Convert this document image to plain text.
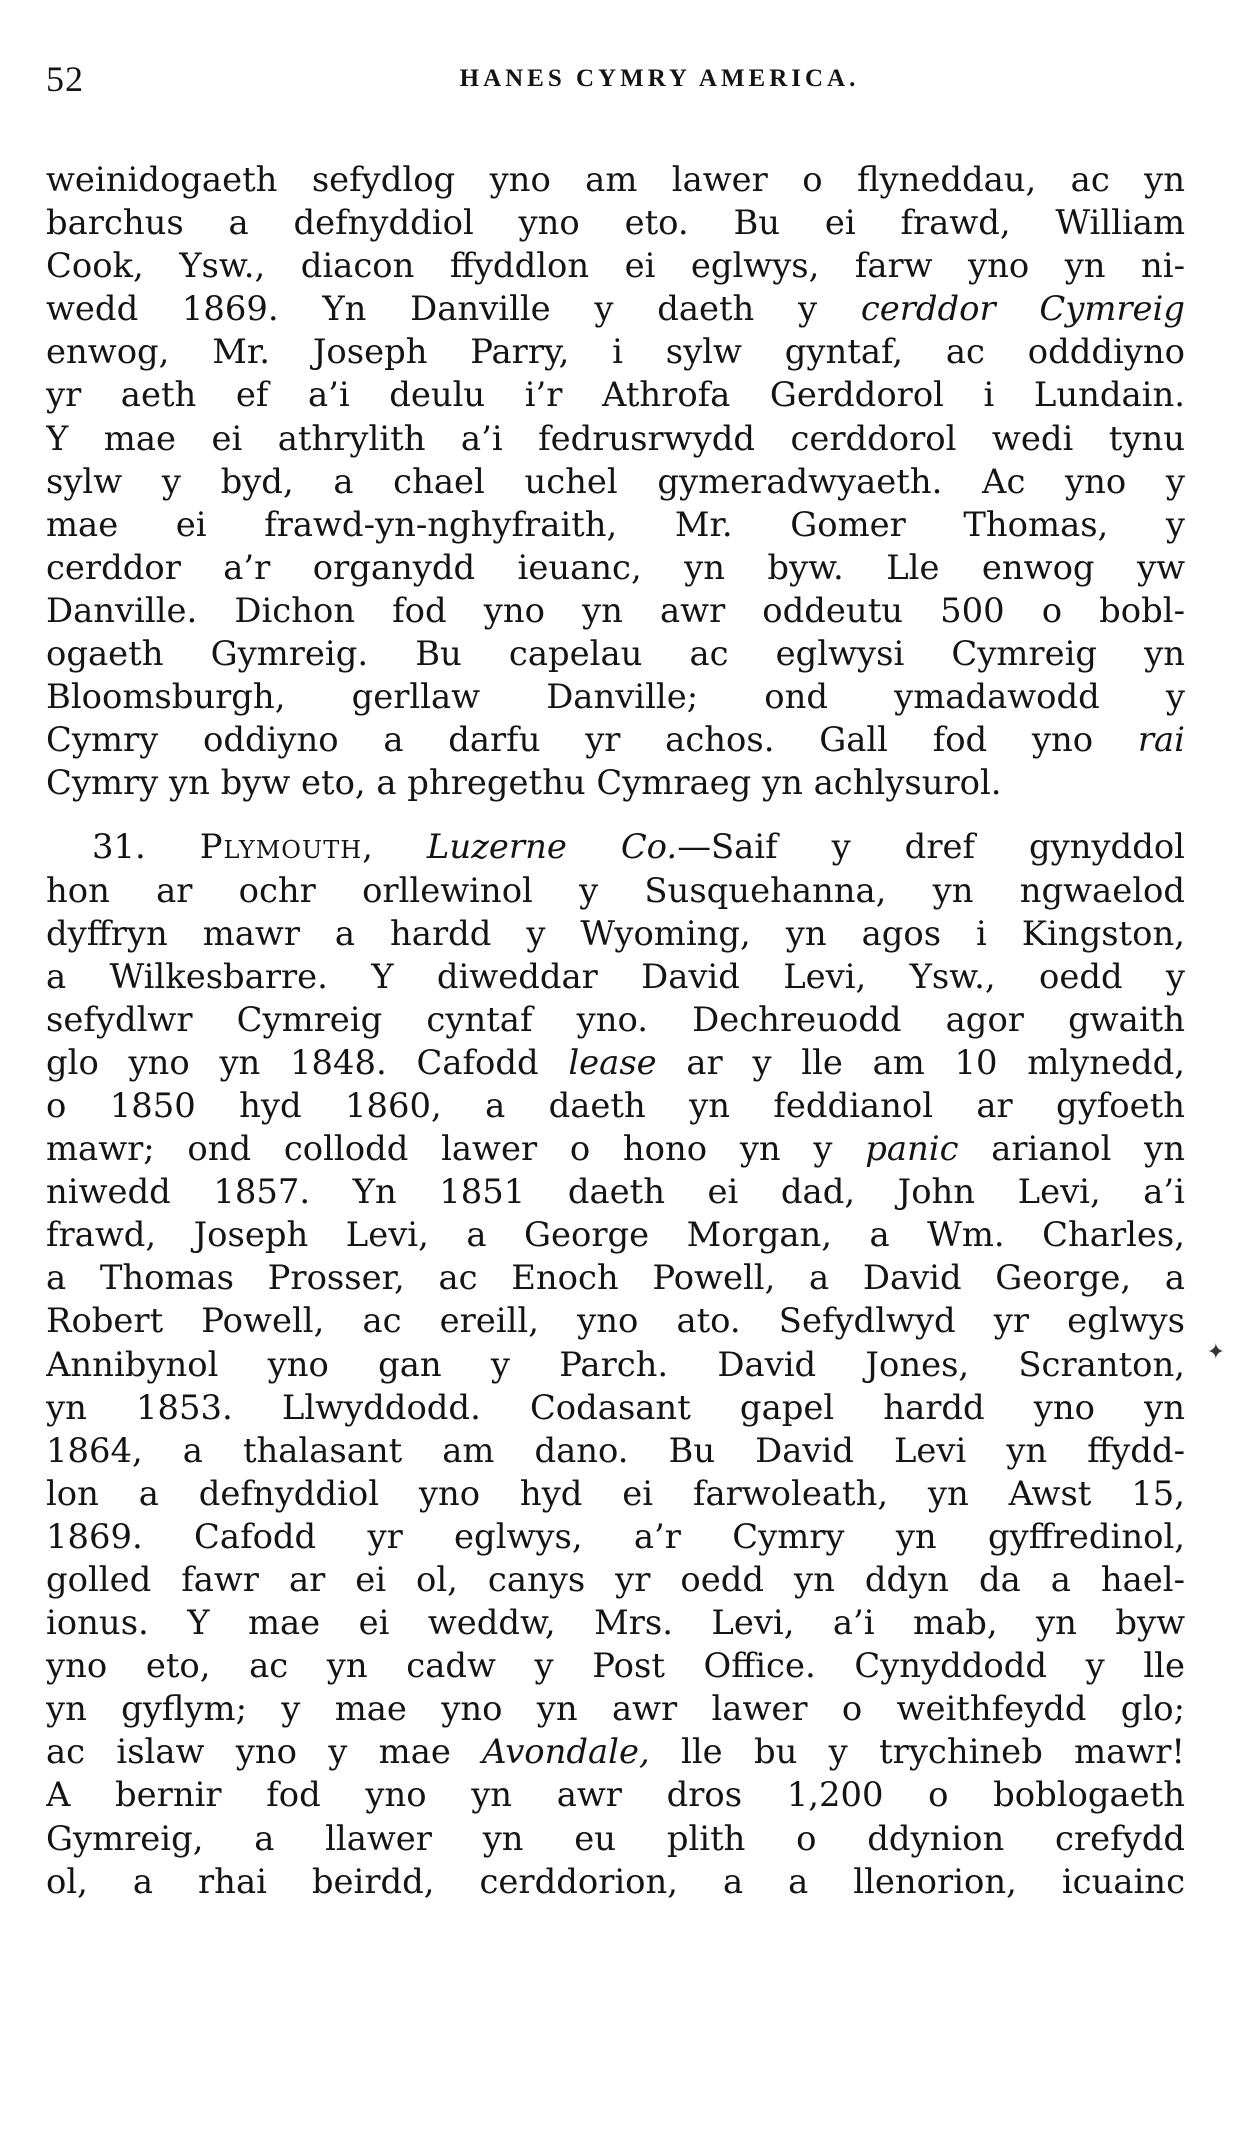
52	HANES CYMRY AMERICA.
weinidogaeth sefydlog yno am lawer o flyneddau, ac yn
barchus a defnyddiol yno eto. Bu ei frawd, William
Cook, Ysw., diacon ffyddlon ei eglwys, farw yno yn ni-
wedd 1869. Yn Danville y daeth y cerddor Cymreig
enwog, Mr. Joseph Parry, i sylw gyntaf, ac odddiyno
yr aeth ef a’i deulu i’r Athrofa Gerddorol i Lundain.
Y mae ei athrylith a’i fedrusrwydd cerddorol wedi tynu
sylw y byd, a chael uchel gymeradwyaeth. Ac yno y
mae ei frawd-yn-nghyfraith, Mr. Gomer Thomas, y
cerddor a’r organydd ieuanc, yn byw. Lle enwog yw
Danville. Dichon fod yno yn awr oddeutu 500 o bobl-
ogaeth Gymreig. Bu capelau ac eglwysi Cymreig yn
Bloomsburgh, gerllaw Danville; ond ymadawodd y
Cymry oddiyno a darfu yr achos. Gall fod yno rai
Cymry yn byw eto, a phregethu Cymraeg yn achlysurol.
31. Plymouth, Luzerne Co.—Saif y dref gynyddol
hon ar ochr orllewinol y Susquehanna, yn ngwaelod
dyffryn mawr a hardd y Wyoming, yn agos i Kingston,
a Wilkesbarre. Y diweddar David Levi, Ysw., oedd y
sefydlwr Cymreig cyntaf yno. Dechreuodd agor gwaith
glo yno yn 1848. Cafodd lease ar y lle am 10 mlynedd,
o 1850 hyd 1860, a daeth yn feddianol ar gyfoeth
mawr; ond collodd lawer o hono yn y panic arianol yn
niwedd 1857. Yn 1851 daeth ei dad, John Levi, a’i
frawd, Joseph Levi, a George Morgan, a Wm. Charles,
a Thomas Prosser, ac Enoch Powell, a David George, a
Robert Powell, ac ereill, yno ato. Sefydlwyd yr eglwys
Annibynol yno gan y Parch. David Jones, Scranton,
yn 1853. Llwyddodd. Codasant gapel hardd yno yn
1864, a thalasant am dano. Bu David Levi yn ffydd-
lon a defnyddiol yno hyd ei farwoleath, yn Awst 15,
1869. Cafodd yr eglwys, a’r Cymry yn gyffredinol,
golled fawr ar ei ol, canys yr oedd yn ddyn da a hael-
ionus. Y mae ei weddw, Mrs. Levi, a’i mab, yn byw
yno eto, ac yn cadw y Post Office. Cynyddodd y lle
yn gyflym; y mae yno yn awr lawer o weithfeydd glo;
ac islaw yno y mae Avondale, lle bu y trychineb mawr!
A bernir fod yno yn awr dros 1,200 o boblogaeth
Gymreig, a llawer yn eu plith o ddynion crefydd
ol, a rhai beirdd, cerddorion, a a llenorion, icuainc
✦
